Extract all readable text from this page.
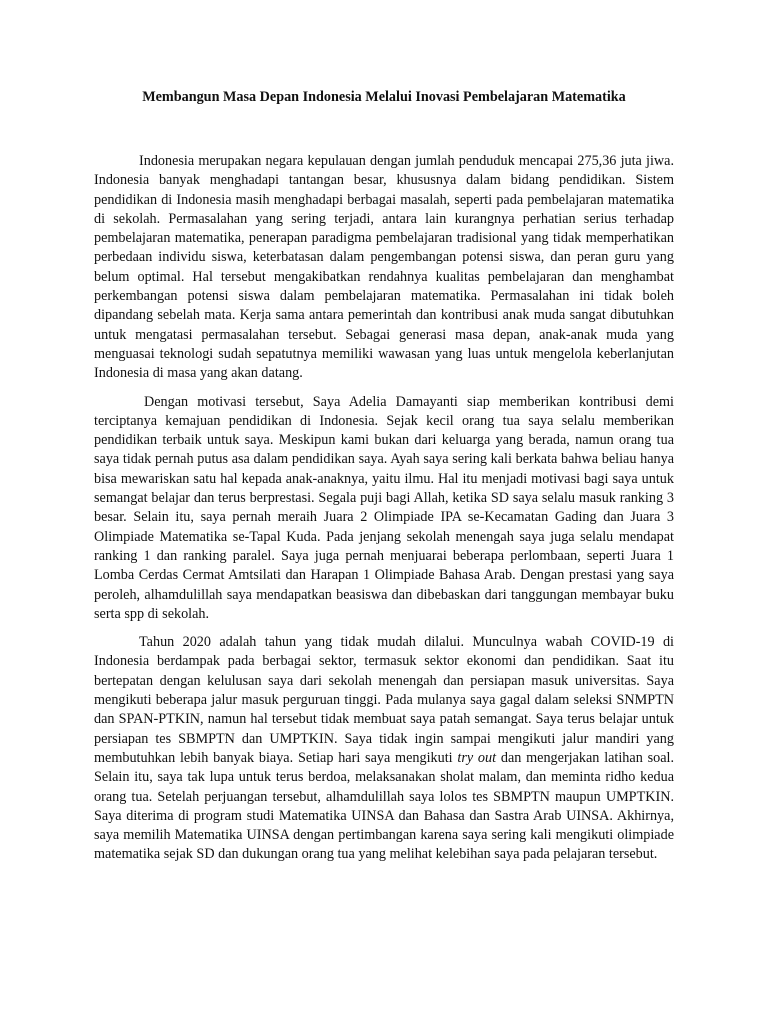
Membangun Masa Depan Indonesia Melalui Inovasi Pembelajaran Matematika

Indonesia merupakan negara kepulauan dengan jumlah penduduk mencapai 275,36 juta jiwa. Indonesia banyak menghadapi tantangan besar, khususnya dalam bidang pendidikan. Sistem pendidikan di Indonesia masih menghadapi berbagai masalah, seperti pada pembelajaran matematika di sekolah. Permasalahan yang sering terjadi, antara lain kurangnya perhatian serius terhadap pembelajaran matematika, penerapan paradigma pembelajaran tradisional yang tidak memperhatikan perbedaan individu siswa, keterbatasan dalam pengembangan potensi siswa, dan peran guru yang belum optimal. Hal tersebut mengakibatkan rendahnya kualitas pembelajaran dan menghambat perkembangan potensi siswa dalam pembelajaran matematika. Permasalahan ini tidak boleh dipandang sebelah mata. Kerja sama antara pemerintah dan kontribusi anak muda sangat dibutuhkan untuk mengatasi permasalahan tersebut. Sebagai generasi masa depan, anak-anak muda yang menguasai teknologi sudah sepatutnya memiliki wawasan yang luas untuk mengelola keberlanjutan Indonesia di masa yang akan datang.

Dengan motivasi tersebut, Saya Adelia Damayanti siap memberikan kontribusi demi terciptanya kemajuan pendidikan di Indonesia. Sejak kecil orang tua saya selalu memberikan pendidikan terbaik untuk saya. Meskipun kami bukan dari keluarga yang berada, namun orang tua saya tidak pernah putus asa dalam pendidikan saya. Ayah saya sering kali berkata bahwa beliau hanya bisa mewariskan satu hal kepada anak-anaknya, yaitu ilmu. Hal itu menjadi motivasi bagi saya untuk semangat belajar dan terus berprestasi. Segala puji bagi Allah, ketika SD saya selalu masuk ranking 3 besar. Selain itu, saya pernah meraih Juara 2 Olimpiade IPA se-Kecamatan Gading dan Juara 3 Olimpiade Matematika se-Tapal Kuda. Pada jenjang sekolah menengah saya juga selalu mendapat ranking 1 dan ranking paralel. Saya juga pernah menjuarai beberapa perlombaan, seperti Juara 1 Lomba Cerdas Cermat Amtsilati dan Harapan 1 Olimpiade Bahasa Arab. Dengan prestasi yang saya peroleh, alhamdulillah saya mendapatkan beasiswa dan dibebaskan dari tanggungan membayar buku serta spp di sekolah.

Tahun 2020 adalah tahun yang tidak mudah dilalui. Munculnya wabah COVID-19 di Indonesia berdampak pada berbagai sektor, termasuk sektor ekonomi dan pendidikan. Saat itu bertepatan dengan kelulusan saya dari sekolah menengah dan persiapan masuk universitas. Saya mengikuti beberapa jalur masuk perguruan tinggi. Pada mulanya saya gagal dalam seleksi SNMPTN dan SPAN-PTKIN, namun hal tersebut tidak membuat saya patah semangat. Saya terus belajar untuk persiapan tes SBMPTN dan UMPTKIN. Saya tidak ingin sampai mengikuti jalur mandiri yang membutuhkan lebih banyak biaya. Setiap hari saya mengikuti try out dan mengerjakan latihan soal. Selain itu, saya tak lupa untuk terus berdoa, melaksanakan sholat malam, dan meminta ridho kedua orang tua. Setelah perjuangan tersebut, alhamdulillah saya lolos tes SBMPTN maupun UMPTKIN. Saya diterima di program studi Matematika UINSA dan Bahasa dan Sastra Arab UINSA. Akhirnya, saya memilih Matematika UINSA dengan pertimbangan karena saya sering kali mengikuti olimpiade matematika sejak SD dan dukungan orang tua yang melihat kelebihan saya pada pelajaran tersebut.
